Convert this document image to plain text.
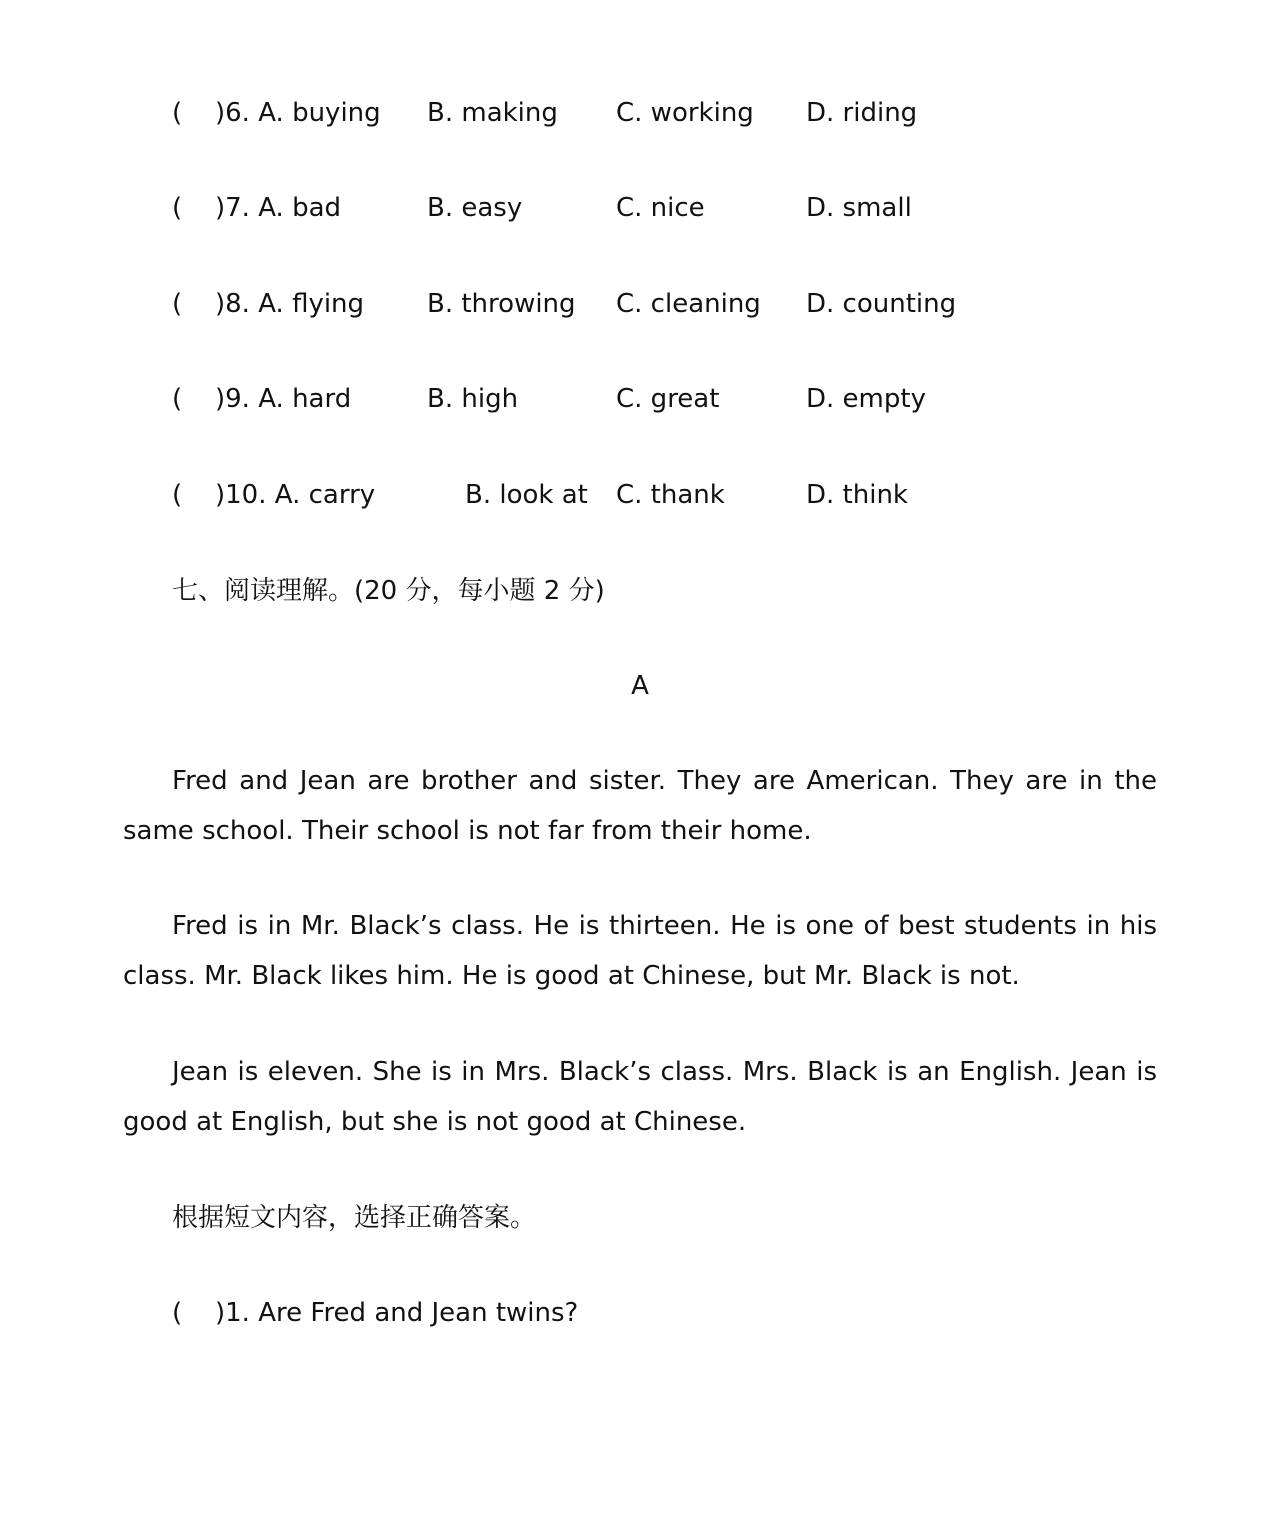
( )6. A. buying B. making C. working D. riding
( )7. A. bad	B. easy	C. nice	D. small
( )8. A. flying B. throwing C. cleaning D. counting
( )9. A. hard	B. high	C. great	D. empty
( )10. A. carry	B. look at C. thank	D. think
七、阅读理解。(20 分，每小题 2 分)
A

Fred and Jean are brother and sister. They are American. They are in the same school. Their school is not far from their home.

Fred is in Mr. Black’s class. He is thirteen. He is one of best students in his class. Mr. Black likes him. He is good at Chinese, but Mr. Black is not.

Jean is eleven. She is in Mrs. Black’s class. Mrs. Black is an English. Jean is good at English, but she is not good at Chinese.

根据短文内容，选择正确答案。
( )1. Are Fred and Jean twins?
